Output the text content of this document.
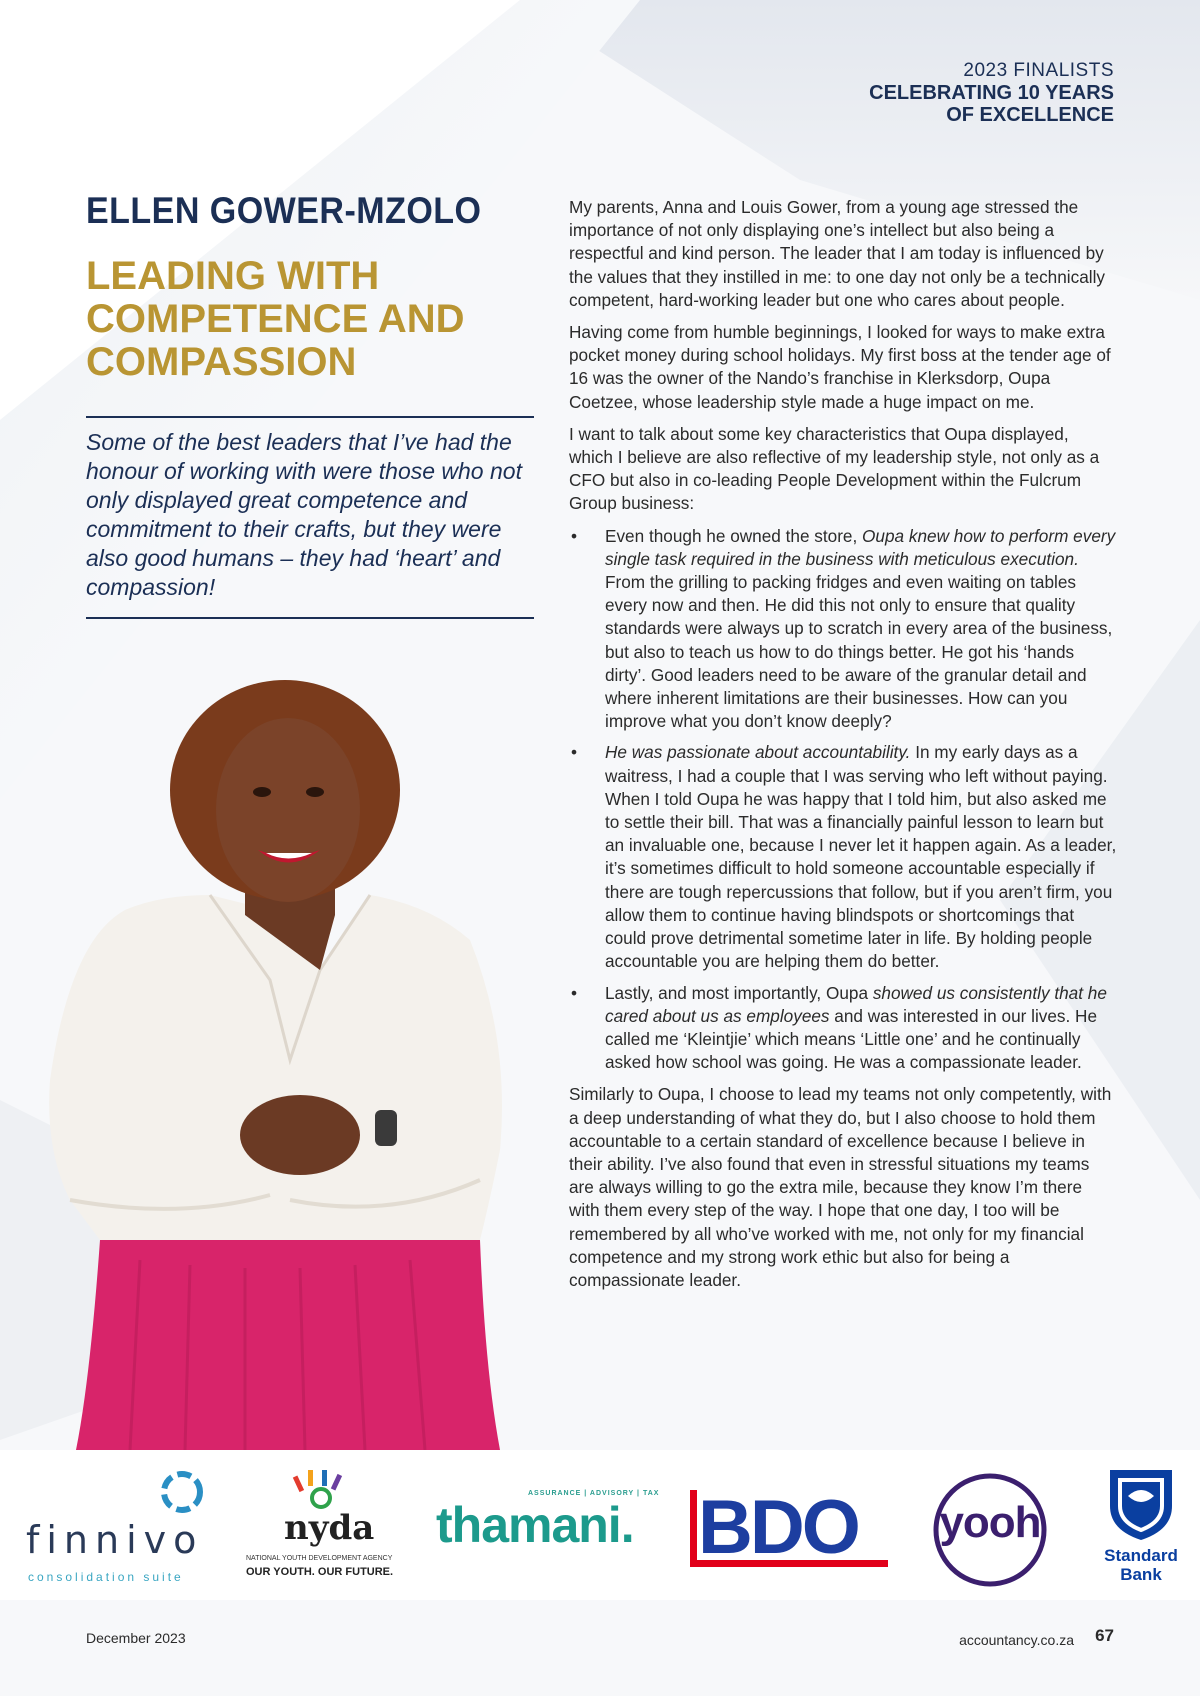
2023 FINALISTS
CELEBRATING 10 YEARS
OF EXCELLENCE
ELLEN GOWER-MZOLO
LEADING WITH
COMPETENCE AND
COMPASSION
Some of the best leaders that I’ve had the honour of working with were those who not only displayed great competence and commitment to their crafts, but they were also good humans – they had ‘heart’ and compassion!

My parents, Anna and Louis Gower, from a young age stressed the importance of not only displaying one’s intellect but also being a respectful and kind person. The leader that I am today is influenced by the values that they instilled in me: to one day not only be a technically competent, hard-working leader but one who cares about people.

Having come from humble beginnings, I looked for ways to make extra pocket money during school holidays. My first boss at the tender age of 16 was the owner of the Nando’s franchise in Klerksdorp, Oupa Coetzee, whose leadership style made a huge impact on me.

I want to talk about some key characteristics that Oupa displayed, which I believe are also reflective of my leadership style, not only as a CFO but also in co-leading People Development within the Fulcrum Group business:

• Even though he owned the store, Oupa knew how to perform every single task required in the business with meticulous execution. From the grilling to packing fridges and even waiting on tables every now and then. He did this not only to ensure that quality standards were always up to scratch in every area of the business, but also to teach us how to do things better. He got his ‘hands dirty’. Good leaders need to be aware of the granular detail and where inherent limitations are their businesses. How can you improve what you don’t know deeply?
• He was passionate about accountability. In my early days as a waitress, I had a couple that I was serving who left without paying. When I told Oupa he was happy that I told him, but also asked me to settle their bill. That was a financially painful lesson to learn but an invaluable one, because I never let it happen again. As a leader, it’s sometimes difficult to hold someone accountable especially if there are tough repercussions that follow, but if you aren’t firm, you allow them to continue having blindspots or shortcomings that could prove detrimental sometime later in life. By holding people accountable you are helping them do better.
• Lastly, and most importantly, Oupa showed us consistently that he cared about us as employees and was interested in our lives. He called me ‘Kleintjie’ which means ‘Little one’ and he continually asked how school was going. He was a compassionate leader.

Similarly to Oupa, I choose to lead my teams not only competently, with a deep understanding of what they do, but I also choose to hold them accountable to a certain standard of excellence because I believe in their ability. I’ve also found that even in stressful situations my teams are always willing to go the extra mile, because they know I’m there with them every step of the way. I hope that one day, I too will be remembered by all who’ve worked with me, not only for my financial competence and my strong work ethic but also for being a compassionate leader.

finnivo
consolidation suite
nyda
NATIONAL YOUTH DEVELOPMENT AGENCY
OUR YOUTH. OUR FUTURE.
ASSURANCE | ADVISORY | TAX
thamani. BDO yooh
Standard
Bank
December 2023	accountancy.co.za 67
